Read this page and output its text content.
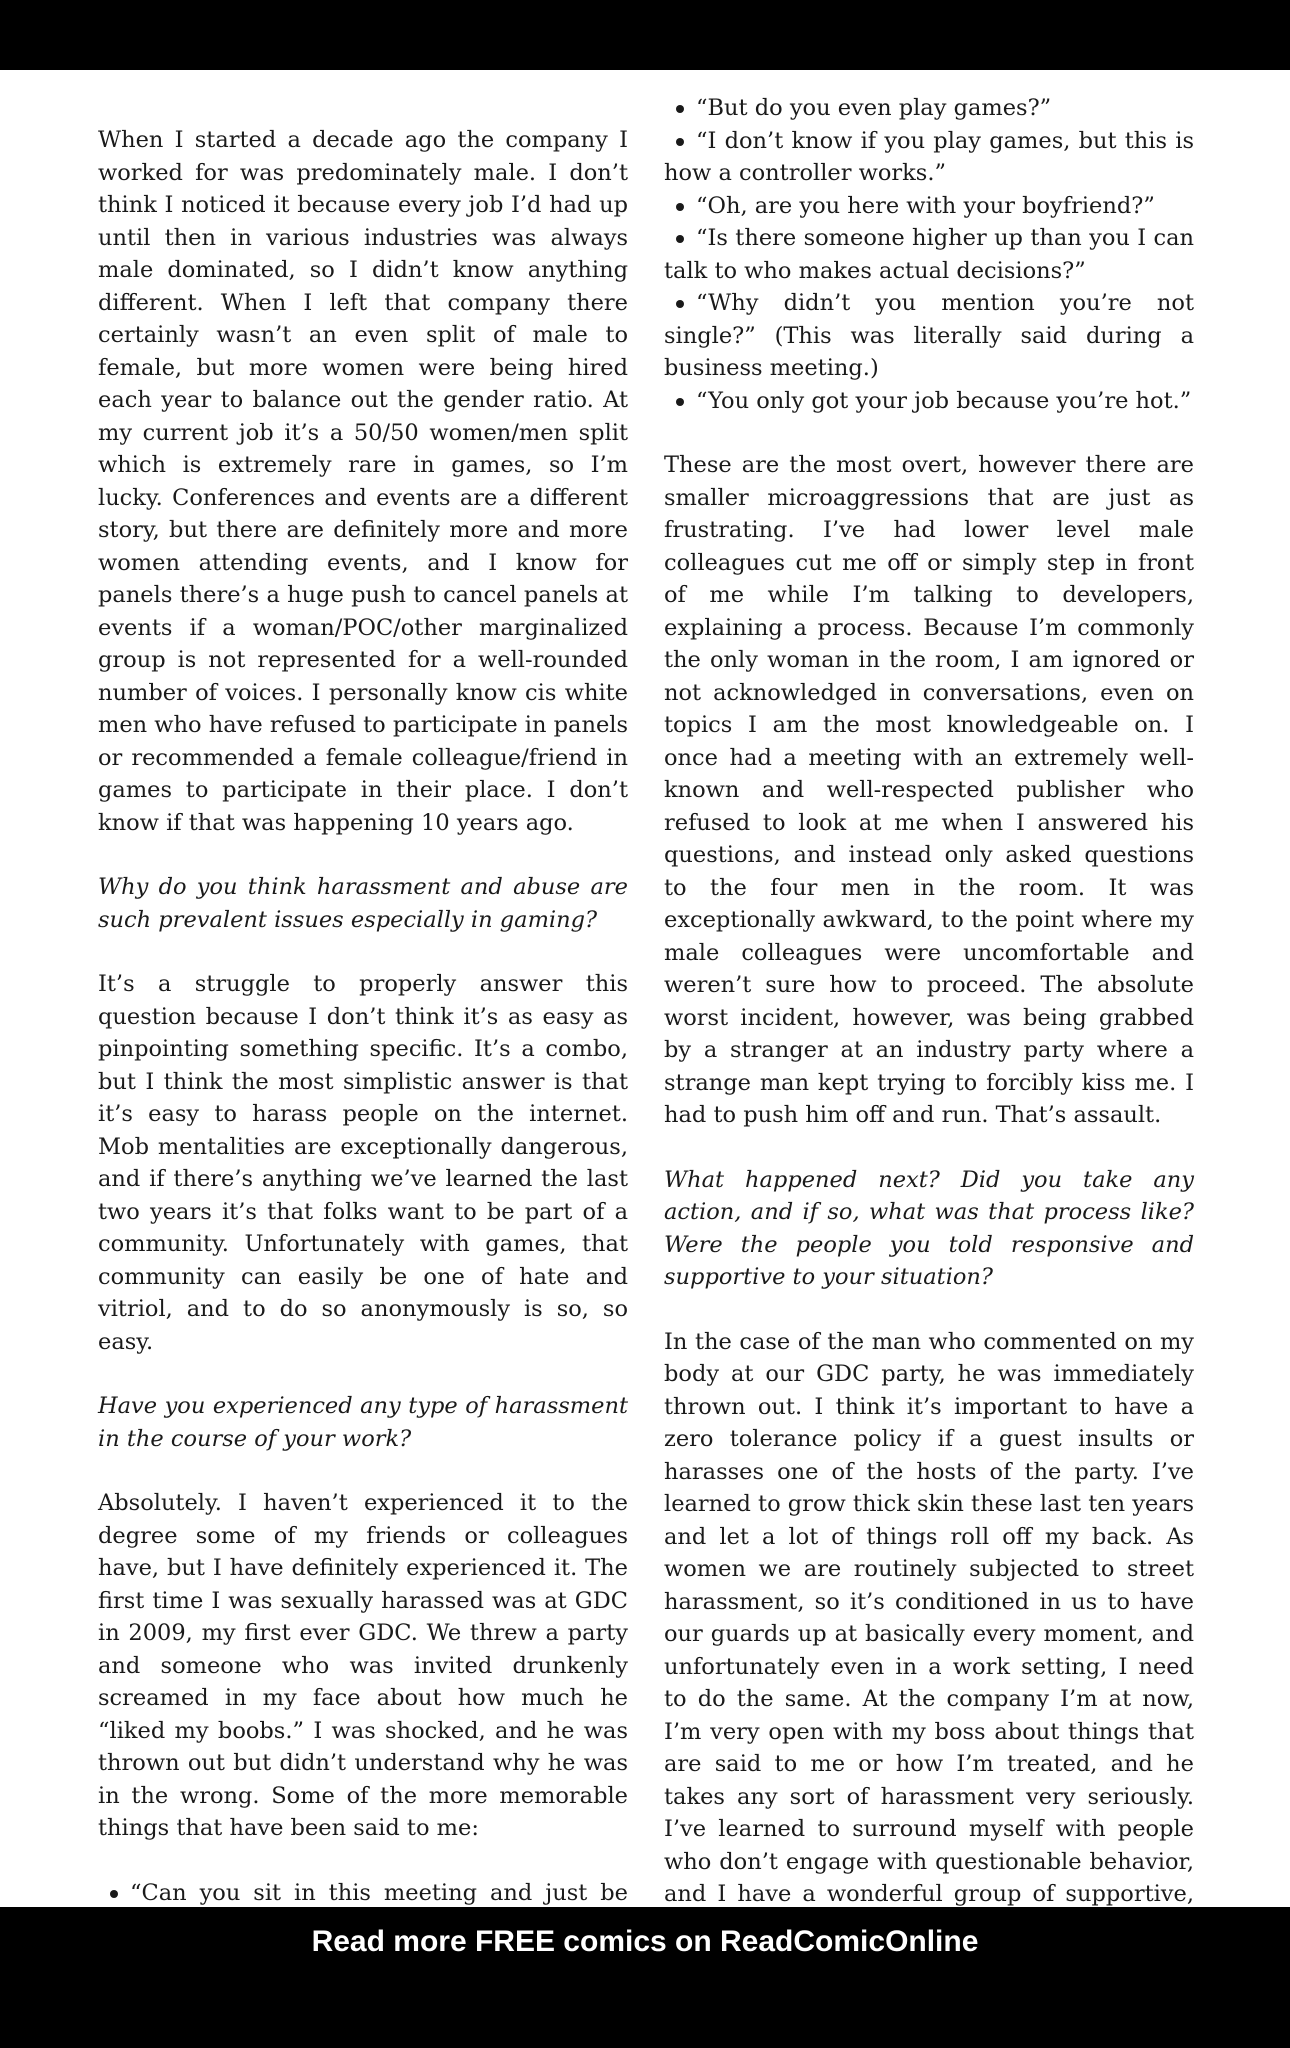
When I started a decade ago the company I worked for was predominately male. I don’t think I noticed it because every job I’d had up until then in various industries was always male dominated, so I didn’t know anything different. When I left that company there certainly wasn’t an even split of male to female, but more women were being hired each year to balance out the gender ratio. At my current job it’s a 50/50 women/men split which is extremely rare in games, so I’m lucky. Conferences and events are a different story, but there are definitely more and more women attending events, and I know for panels there’s a huge push to cancel panels at events if a woman/POC/other marginalized group is not represented for a well-rounded number of voices. I personally know cis white men who have refused to participate in panels or recommended a female colleague/friend in games to participate in their place. I don’t know if that was happening 10 years ago.

Why do you think harassment and abuse are such prevalent issues especially in gaming?

It’s a struggle to properly answer this question because I don’t think it’s as easy as pinpointing something specific. It’s a combo, but I think the most simplistic answer is that it’s easy to harass people on the internet. Mob mentalities are exceptionally dangerous, and if there’s anything we’ve learned the last two years it’s that folks want to be part of a community. Unfortunately with games, that community can easily be one of hate and vitriol, and to do so anonymously is so, so easy.

Have you experienced any type of harassment in the course of your work?

Absolutely. I haven’t experienced it to the degree some of my friends or colleagues have, but I have definitely experienced it. The first time I was sexually harassed was at GDC in 2009, my first ever GDC. We threw a party and someone who was invited drunkenly screamed in my face about how much he “liked my boobs.” I was shocked, and he was thrown out but didn’t understand why he was in the wrong. Some of the more memorable things that have been said to me:

“Can you sit in this meeting and just be
“But do you even play games?”
“I don’t know if you play games, but this is how a controller works.”
“Oh, are you here with your boyfriend?”
“Is there someone higher up than you I can talk to who makes actual decisions?”
“Why didn’t you mention you’re not single?” (This was literally said during a business meeting.)
“You only got your job because you’re hot.”

These are the most overt, however there are smaller microaggressions that are just as frustrating. I’ve had lower level male colleagues cut me off or simply step in front of me while I’m talking to developers, explaining a process. Because I’m commonly the only woman in the room, I am ignored or not acknowledged in conversations, even on topics I am the most knowledgeable on. I once had a meeting with an extremely well-known and well-respected publisher who refused to look at me when I answered his questions, and instead only asked questions to the four men in the room. It was exceptionally awkward, to the point where my male colleagues were uncomfortable and weren’t sure how to proceed. The absolute worst incident, however, was being grabbed by a stranger at an industry party where a strange man kept trying to forcibly kiss me. I had to push him off and run. That’s assault.

What happened next? Did you take any action, and if so, what was that process like? Were the people you told responsive and supportive to your situation?

In the case of the man who commented on my body at our GDC party, he was immediately thrown out. I think it’s important to have a zero tolerance policy if a guest insults or harasses one of the hosts of the party. I’ve learned to grow thick skin these last ten years and let a lot of things roll off my back. As women we are routinely subjected to street harassment, so it’s conditioned in us to have our guards up at basically every moment, and unfortunately even in a work setting, I need to do the same. At the company I’m at now, I’m very open with my boss about things that are said to me or how I’m treated, and he takes any sort of harassment very seriously. I’ve learned to surround myself with people who don’t engage with questionable behavior, and I have a wonderful group of supportive,

Read more FREE comics on ReadComicOnline
